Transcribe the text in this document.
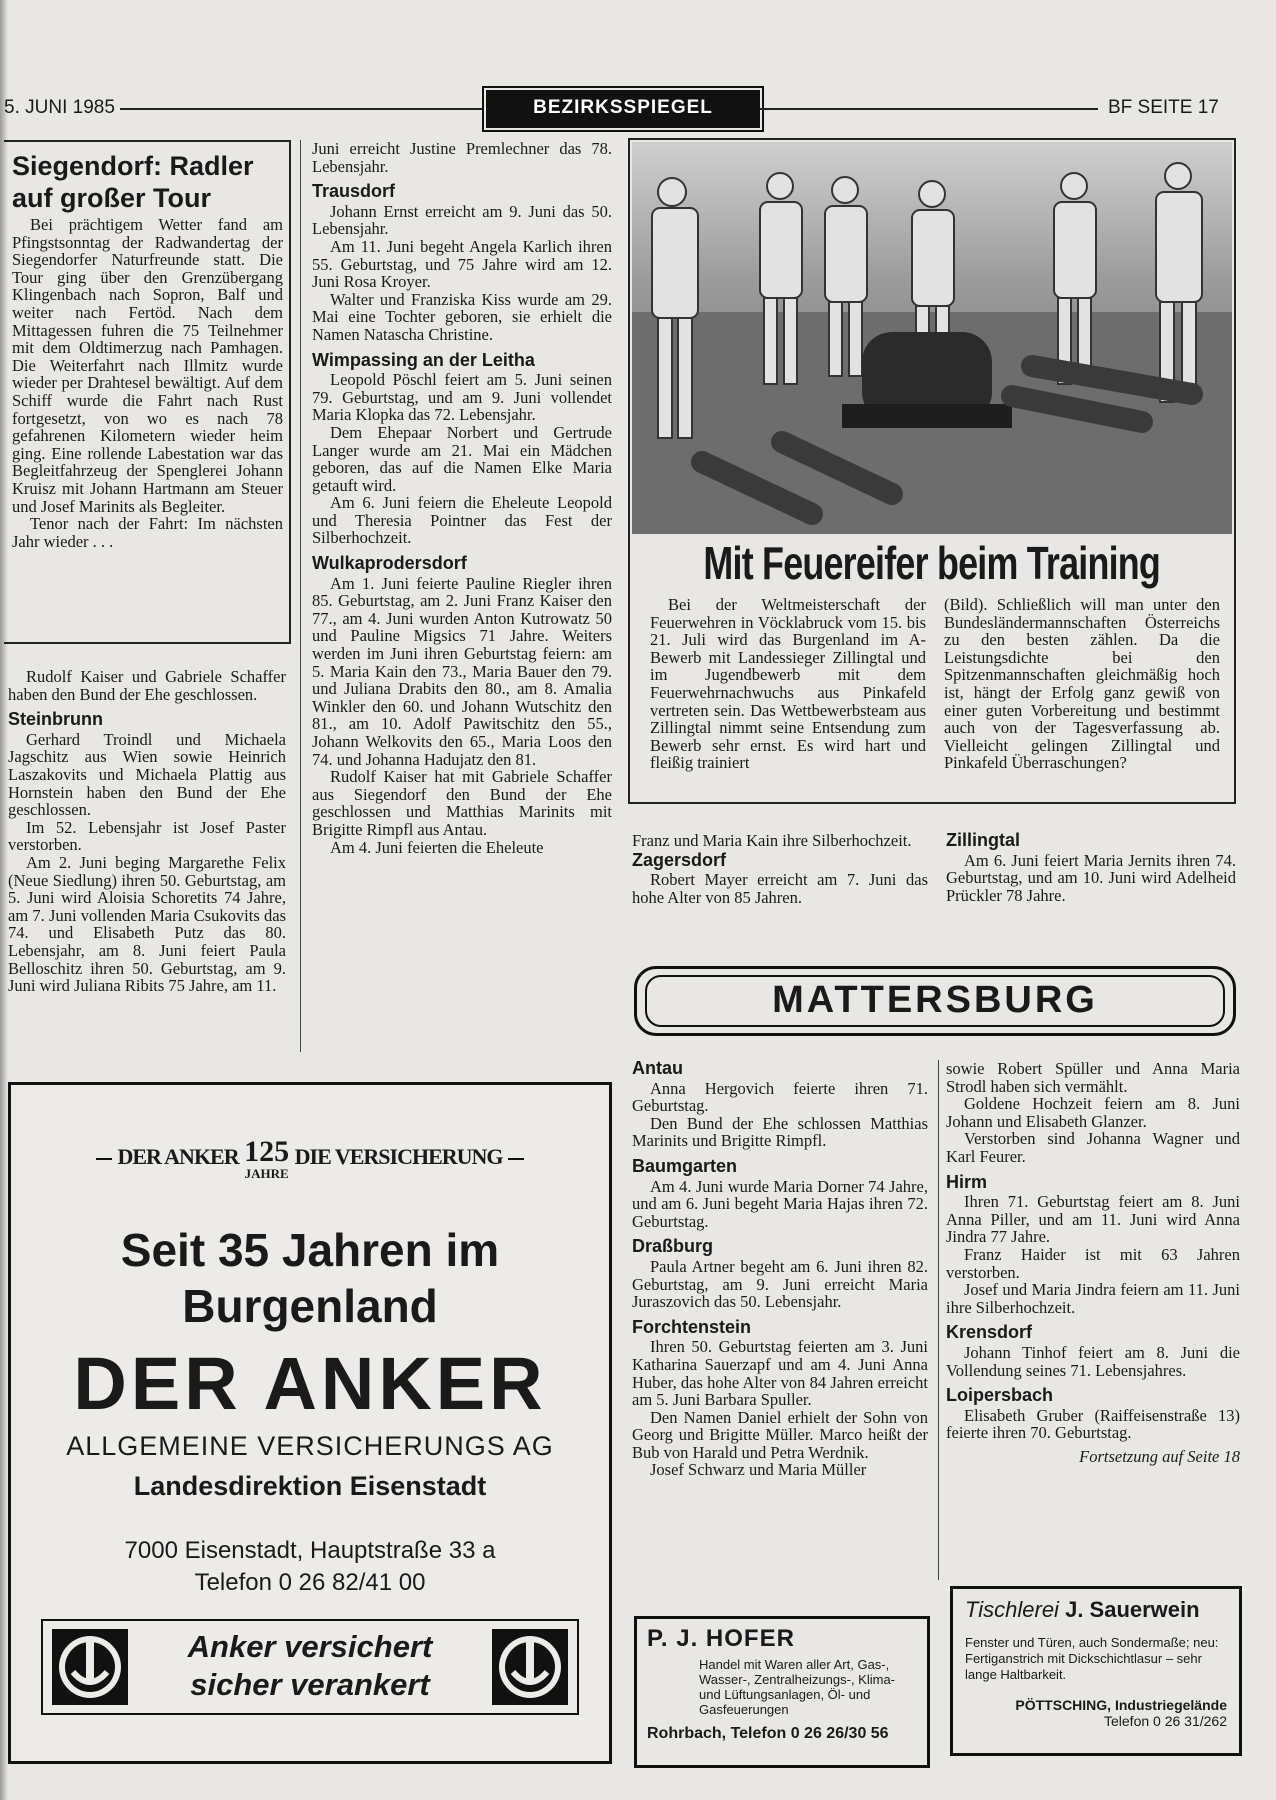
5. JUNI 1985	BEZIRKSSPIEGEL	BF SEITE 17
Siegendorf: Radler
auf großer Tour

Bei prächtigem Wetter fand am Pfingstsonntag der Radwandertag der Siegendorfer Naturfreunde statt. Die Tour ging über den Grenzübergang Klingenbach nach Sopron, Balf und weiter nach Fertöd. Nach dem Mittagessen fuhren die 75 Teilnehmer mit dem Oldtimerzug nach Pamhagen. Die Weiterfahrt nach Illmitz wurde wieder per Drahtesel bewältigt. Auf dem Schiff wurde die Fahrt nach Rust fortgesetzt, von wo es nach 78 gefahrenen Kilometern wieder heim ging. Eine rollende Labestation war das Begleitfahrzeug der Spenglerei Johann Kruisz mit Johann Hartmann am Steuer und Josef Marinits als Begleiter.

Tenor nach der Fahrt: Im nächsten Jahr wieder . . .

Rudolf Kaiser und Gabriele Schaffer haben den Bund der Ehe geschlossen.

Steinbrunn

Gerhard Troindl und Michaela Jagschitz aus Wien sowie Heinrich Laszakovits und Michaela Plattig aus Hornstein haben den Bund der Ehe geschlossen.

Im 52. Lebensjahr ist Josef Paster verstorben.

Am 2. Juni beging Margarethe Felix (Neue Siedlung) ihren 50. Geburtstag, am 5. Juni wird Aloisia Schoretits 74 Jahre, am 7. Juni vollenden Maria Csukovits das 74. und Elisabeth Putz das 80. Lebensjahr, am 8. Juni feiert Paula Belloschitz ihren 50. Geburtstag, am 9. Juni wird Juliana Ribits 75 Jahre, am 11.

Juni erreicht Justine Premlechner das 78. Lebensjahr.

Trausdorf

Johann Ernst erreicht am 9. Juni das 50. Lebensjahr.

Am 11. Juni begeht Angela Karlich ihren 55. Geburtstag, und 75 Jahre wird am 12. Juni Rosa Kroyer.

Walter und Franziska Kiss wurde am 29. Mai eine Tochter geboren, sie erhielt die Namen Natascha Christine.

Wimpassing an der Leitha

Leopold Pöschl feiert am 5. Juni seinen 79. Geburtstag, und am 9. Juni vollendet Maria Klopka das 72. Lebensjahr.

Dem Ehepaar Norbert und Gertrude Langer wurde am 21. Mai ein Mädchen geboren, das auf die Namen Elke Maria getauft wird.

Am 6. Juni feiern die Eheleute Leopold und Theresia Pointner das Fest der Silberhochzeit.

Wulkaprodersdorf

Am 1. Juni feierte Pauline Riegler ihren 85. Geburtstag, am 2. Juni Franz Kaiser den 77., am 4. Juni wurden Anton Kutrowatz 50 und Pauline Migsics 71 Jahre. Weiters werden im Juni ihren Geburtstag feiern: am 5. Maria Kain den 73., Maria Bauer den 79. und Juliana Drabits den 80., am 8. Amalia Winkler den 60. und Johann Wutschitz den 81., am 10. Adolf Pawitschitz den 55., Johann Welkovits den 65., Maria Loos den 74. und Johanna Hadujatz den 81.

Rudolf Kaiser hat mit Gabriele Schaffer aus Siegendorf den Bund der Ehe geschlossen und Matthias Marinits mit Brigitte Rimpfl aus Antau.

Am 4. Juni feierten die Eheleute

Mit Feuereifer beim Training
Bei der Weltmeisterschaft der Feuerwehren in Vöcklabruck vom 15. bis 21. Juli wird das Burgenland im A-Bewerb mit Landessieger Zillingtal und im Jugendbewerb mit dem Feuerwehrnachwuchs aus Pinkafeld vertreten sein. Das Wettbewerbsteam aus Zillingtal nimmt seine Entsendung zum Bewerb sehr ernst. Es wird hart und fleißig trainiert
(Bild). Schließlich will man unter den Bundesländermannschaften Österreichs zu den besten zählen. Da die Leistungsdichte bei den Spitzenmannschaften gleichmäßig hoch ist, hängt der Erfolg ganz gewiß von einer guten Vorbereitung und bestimmt auch von der Tagesverfassung ab. Vielleicht gelingen Zillingtal und Pinkafeld Überraschungen?

Franz und Maria Kain ihre Silberhochzeit.

Zagersdorf

Robert Mayer erreicht am 7. Juni das hohe Alter von 85 Jahren.

Zillingtal

Am 6. Juni feiert Maria Jernits ihren 74. Geburtstag, und am 10. Juni wird Adelheid Prückler 78 Jahre.

MATTERSBURG
Antau

Anna Hergovich feierte ihren 71. Geburtstag.

Den Bund der Ehe schlossen Matthias Marinits und Brigitte Rimpfl.

Baumgarten

Am 4. Juni wurde Maria Dorner 74 Jahre, und am 6. Juni begeht Maria Hajas ihren 72. Geburtstag.

Draßburg

Paula Artner begeht am 6. Juni ihren 82. Geburtstag, am 9. Juni erreicht Maria Juraszovich das 50. Lebensjahr.

Forchtenstein

Ihren 50. Geburtstag feierten am 3. Juni Katharina Sauerzapf und am 4. Juni Anna Huber, das hohe Alter von 84 Jahren erreicht am 5. Juni Barbara Spuller.

Den Namen Daniel erhielt der Sohn von Georg und Brigitte Müller. Marco heißt der Bub von Harald und Petra Werdnik.

Josef Schwarz und Maria Müller

sowie Robert Spüller und Anna Maria Strodl haben sich vermählt.

Goldene Hochzeit feiern am 8. Juni Johann und Elisabeth Glanzer.

Verstorben sind Johanna Wagner und Karl Feurer.

Hirm

Ihren 71. Geburtstag feiert am 8. Juni Anna Piller, und am 11. Juni wird Anna Jindra 77 Jahre.

Franz Haider ist mit 63 Jahren verstorben.

Josef und Maria Jindra feiern am 11. Juni ihre Silberhochzeit.

Krensdorf

Johann Tinhof feiert am 8. Juni die Vollendung seines 71. Lebensjahres.

Loipersbach

Elisabeth Gruber (Raiffeisenstraße 13) feierte ihren 70. Geburtstag.

Fortsetzung auf Seite 18

DER ANKER 125
JAHRE
DIE VERSICHERUNG
Seit 35 Jahren im
Burgenland
DER ANKER
ALLGEMEINE VERSICHERUNGS AG
Landesdirektion Eisenstadt
7000 Eisenstadt, Hauptstraße 33 a
Telefon 0 26 82/41 00
Anker versichert
sicher verankert
P. J. HOFER
Handel mit Waren aller Art, Gas-, Wasser-, Zentralheizungs-, Klima- und Lüftungsanlagen, Öl- und Gasfeuerungen
Rohrbach, Telefon 0 26 26/30 56
Tischlerei J. Sauerwein
Fenster und Türen, auch Sondermaße; neu: Fertiganstrich mit Dickschichtlasur – sehr lange Haltbarkeit.
PÖTTSCHING, Industriegelände
Telefon 0 26 31/262
